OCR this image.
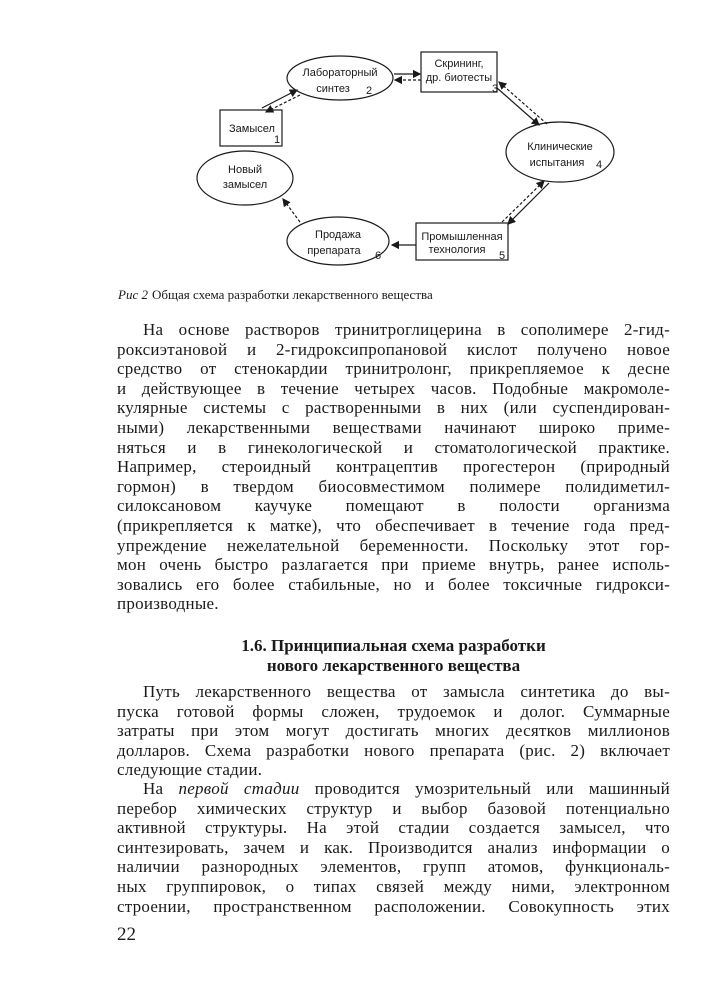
Замысел
1
Лабораторный
синтез 2
Скрининг,
др. биотесты
3
Клинические
испытания 4
Промышленная
технология 5
Продажа
препарата 6
Новый
замысел
Рис 2 Общая схема разработки лекарственного вещества
На основе растворов тринитроглицерина в сополимере 2-гид-
роксиэтановой и 2-гидроксипропановой кислот получено новое
средство от стенокардии тринитролонг, прикрепляемое к десне
и действующее в течение четырех часов. Подобные макромоле-
кулярные системы с растворенными в них (или суспендирован-
ными) лекарственными веществами начинают широко приме-
няться и в гинекологической и стоматологической практике.
Например, стероидный контрацептив прогестерон (природный
гормон) в твердом биосовместимом полимере полидиметил-
силоксановом каучуке помещают в полости организма
(прикрепляется к матке), что обеспечивает в течение года пред-
упреждение нежелательной беременности. Поскольку этот гор-
мон очень быстро разлагается при приеме внутрь, ранее исполь-
зовались его более стабильные, но и более токсичные гидрокси-
производные.
1.6. Принципиальная схема разработки
нового лекарственного вещества
Путь лекарственного вещества от замысла синтетика до вы-
пуска готовой формы сложен, трудоемок и долог. Суммарные
затраты при этом могут достигать многих десятков миллионов
долларов. Схема разработки нового препарата (рис. 2) включает
следующие стадии.
На первой стадии проводится умозрительный или машинный
перебор химических структур и выбор базовой потенциально
активной структуры. На этой стадии создается замысел, что
синтезировать, зачем и как. Производится анализ информации о
наличии разнородных элементов, групп атомов, функциональ-
ных группировок, о типах связей между ними, электронном
строении, пространственном расположении. Совокупность этих
22
